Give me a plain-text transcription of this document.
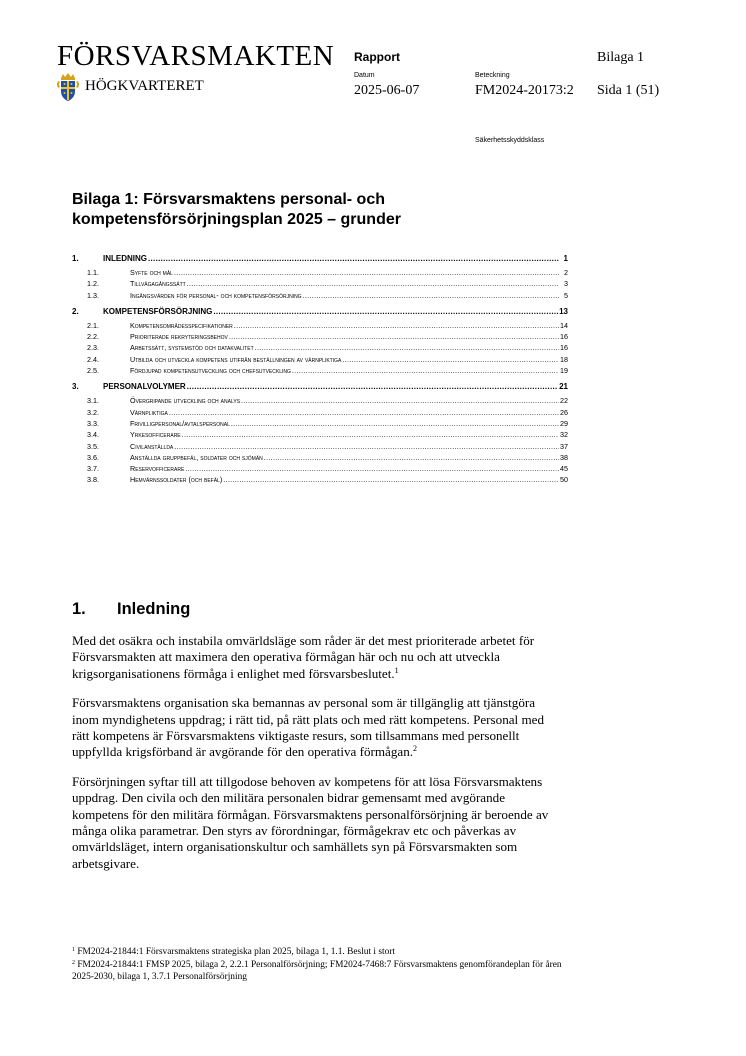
FÖRSVARSMAKTEN
HÖGKVARTERET
Rapport	Bilaga 1
Datum	Beteckning
2025-06-07	FM2024-20173:2 Sida 1 (51)
Säkerhetsskyddsklass
Bilaga 1: Försvarsmaktens personal- och kompetensförsörjningsplan 2025 – grunder
1.	INLEDNING .....	1
1.1.	Syfte och mål .....	2
1.2.	Tillvägagångssätt .....	3
1.3.	Ingångsvärden för personal- och kompetensförsörjning .....	5
2.	KOMPETENSFÖRSÖRJNING .....	13
2.1.	Kompetensområdesspecifikationer .....	14
2.2.	Prioriterade rekryteringsbehov .....	16
2.3.	Arbetssätt, systemstöd och datakvalitet .....	16
2.4.	Utbilda och utveckla kompetens utifrån beställningen av värnpliktiga .....	18
2.5.	Fördjupad kompetensutveckling och chefsutveckling .....	19
3.	PERSONALVOLYMER .....	21
3.1.	Övergripande utveckling och analys .....	22
3.2.	Värnpliktiga .....	26
3.3.	Frivilligpersonal/avtalspersonal .....	29
3.4.	Yrkesofficerare .....	32
3.5.	Civilanställda .....	37
3.6.	Anställda gruppbefäl, soldater och sjömän .....	38
3.7.	Reservofficerare .....	45
3.8.	Hemvärnssoldater (och befäl) .....	50
1. Inledning

Med det osäkra och instabila omvärldsläge som råder är det mest prioriterade arbetet för Försvarsmakten att maximera den operativa förmågan här och nu och att utveckla krigsorganisationens förmåga i enlighet med försvarsbeslutet.$^1$

Försvarsmaktens organisation ska bemannas av personal som är tillgänglig att tjänstgöra inom myndighetens uppdrag; i rätt tid, på rätt plats och med rätt kompetens. Personal med rätt kompetens är Försvarsmaktens viktigaste resurs, som tillsammans med personellt uppfyllda krigsförband är avgörande för den operativa förmågan.$^2$

Försörjningen syftar till att tillgodose behoven av kompetens för att lösa Försvarsmaktens uppdrag. Den civila och den militära personalen bidrar gemensamt med avgörande kompetens för den militära förmågan. Försvarsmaktens personalförsörjning är beroende av många olika parametrar. Den styrs av förordningar, förmågekrav etc och påverkas av omvärldsläget, intern organisationskultur och samhällets syn på Försvarsmakten som arbetsgivare.

$^1$ FM2024-21844:1 Försvarsmaktens strategiska plan 2025, bilaga 1, 1.1. Beslut i stort
$^2$ FM2024-21844:1 FMSP 2025, bilaga 2, 2.2.1 Personalförsörjning; FM2024-7468:7 Försvarsmaktens genomförandeplan för åren 2025-2030, bilaga 1, 3.7.1 Personalförsörjning
